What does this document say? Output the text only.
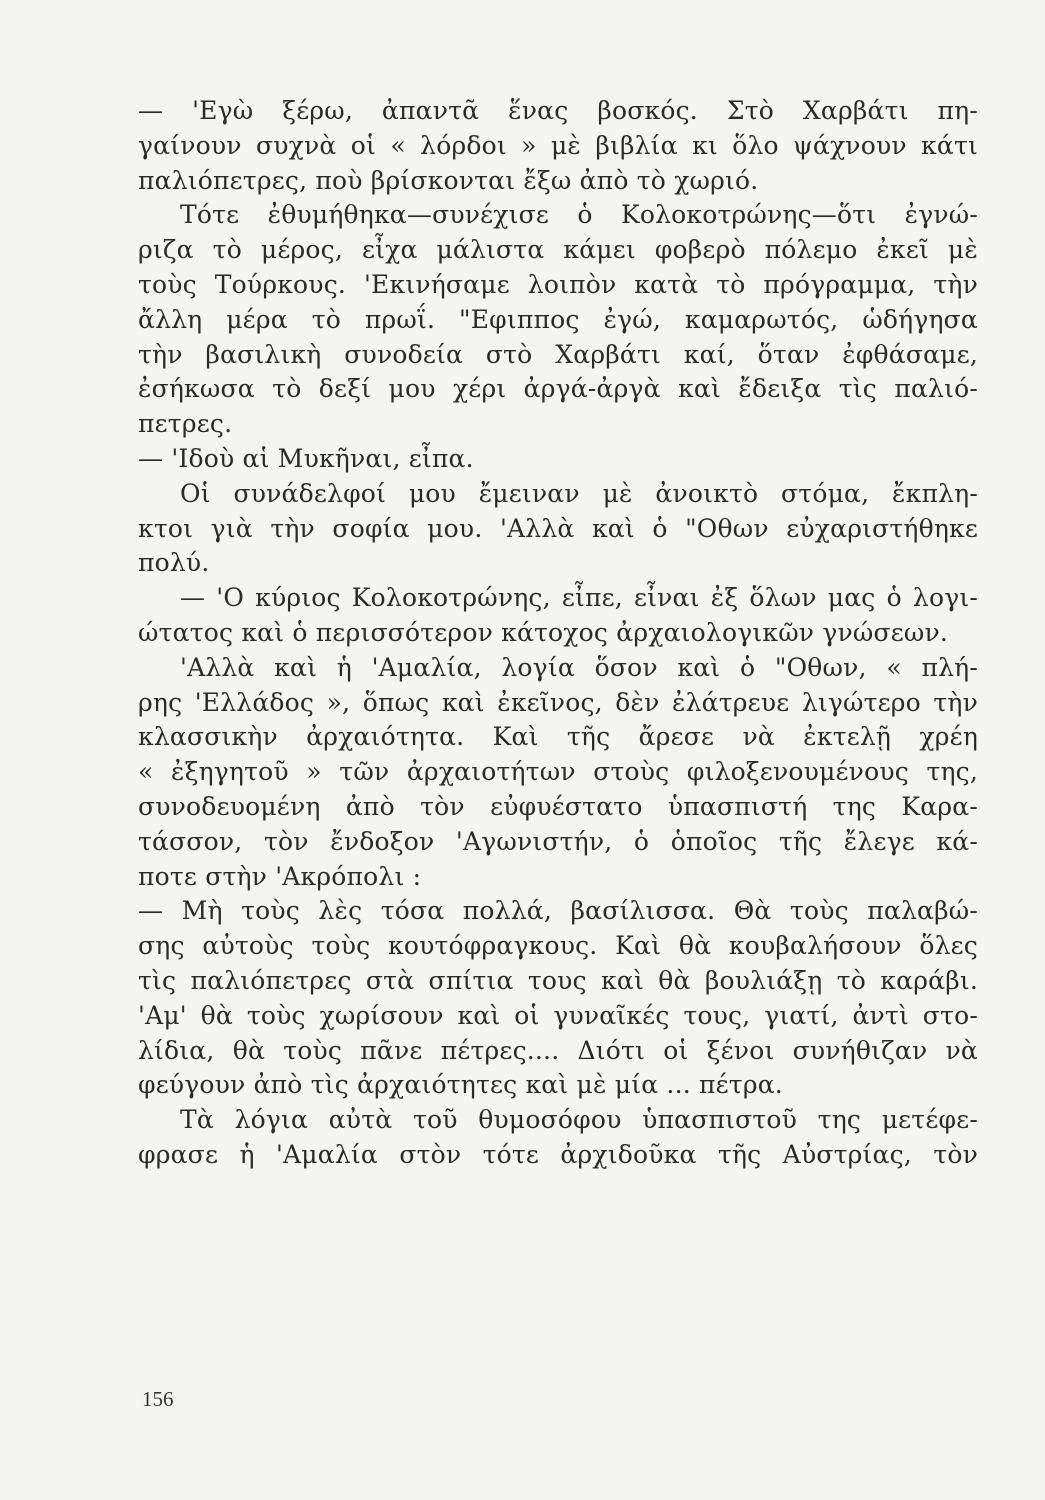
— 'Εγὼ ξέρω, ἀπαντᾶ ἕνας βοσκός. Στὸ Χαρβάτι πη-
γαίνουν συχνὰ οἱ « λόρδοι » μὲ βιβλία κι ὅλο ψάχνουν κάτι
παλιόπετρες, ποὺ βρίσκονται ἔξω ἀπὸ τὸ χωριό.
Τότε ἐθυμήθηκα—συνέχισε ὁ Κολοκοτρώνης—ὅτι ἐγνώ-
ριζα τὸ μέρος, εἶχα μάλιστα κάμει φοβερὸ πόλεμο ἐκεῖ μὲ
τοὺς Τούρκους. 'Εκινήσαμε λοιπὸν κατὰ τὸ πρόγραμμα, τὴν
ἄλλη μέρα τὸ πρωΐ. "Εφιππος ἐγώ, καμαρωτός, ὡδήγησα
τὴν βασιλικὴ συνοδεία στὸ Χαρβάτι καί, ὅταν ἐφθάσαμε,
ἐσήκωσα τὸ δεξί μου χέρι ἀργά-ἀργὰ καὶ ἔδειξα τὶς παλιό-
πετρες.
— 'Ιδοὺ αἱ Μυκῆναι, εἶπα.
Οἱ συνάδελφοί μου ἔμειναν μὲ ἀνοικτὸ στόμα, ἔκπλη-
κτοι γιὰ τὴν σοφία μου. 'Αλλὰ καὶ ὁ "Οθων εὐχαριστήθηκε
πολύ.
— 'Ο κύριος Κολοκοτρώνης, εἶπε, εἶναι ἐξ ὅλων μας ὁ λογι-
ώτατος καὶ ὁ περισσότερον κάτοχος ἀρχαιολογικῶν γνώσεων.
'Αλλὰ καὶ ἡ 'Αμαλία, λογία ὅσον καὶ ὁ "Οθων, « πλή-
ρης 'Ελλάδος », ὅπως καὶ ἐκεῖνος, δὲν ἐλάτρευε λιγώτερο τὴν
κλασσικὴν ἀρχαιότητα. Καὶ τῆς ἄρεσε νὰ ἐκτελῇ χρέη
« ἐξηγητοῦ » τῶν ἀρχαιοτήτων στοὺς φιλοξενουμένους της,
συνοδευομένη ἀπὸ τὸν εὐφυέστατο ὑπασπιστή της Καρα-
τάσσον, τὸν ἔνδοξον 'Αγωνιστήν, ὁ ὁποῖος τῆς ἔλεγε κά-
ποτε στὴν 'Ακρόπολι :
— Μὴ τοὺς λὲς τόσα πολλά, βασίλισσα. Θὰ τοὺς παλαβώ-
σης αὐτοὺς τοὺς κουτόφραγκους. Καὶ θὰ κουβαλήσουν ὅλες
τὶς παλιόπετρες στὰ σπίτια τους καὶ θὰ βουλιάξῃ τὸ καράβι.
'Αμ' θὰ τοὺς χωρίσουν καὶ οἱ γυναῖκές τους, γιατί, ἀντὶ στο-
λίδια, θὰ τοὺς πᾶνε πέτρες.... Διότι οἱ ξένοι συνήθιζαν νὰ
φεύγουν ἀπὸ τὶς ἀρχαιότητες καὶ μὲ μία ... πέτρα.
Τὰ λόγια αὐτὰ τοῦ θυμοσόφου ὑπασπιστοῦ της μετέφε-
φρασε ἡ 'Αμαλία στὸν τότε ἀρχιδοῦκα τῆς Αὐστρίας, τὸν
156
